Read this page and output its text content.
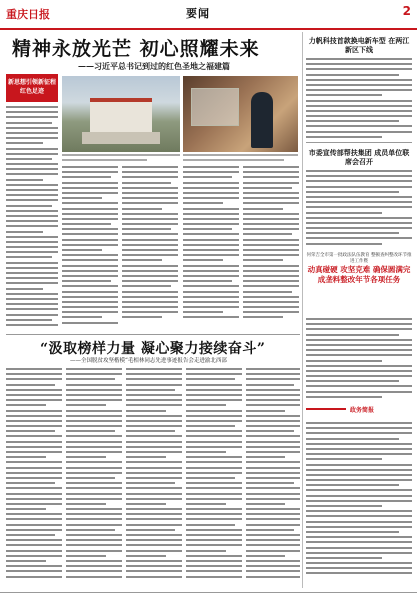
重庆日报	要闻	2
精神永放光芒 初心照耀未来
——习近平总书记到过的红色圣地之福建篇
新思想引领新征程 红色足迹
力帆科技首款换电新车型 在两江新区下线
市委宣传部帮扶集团 成员单位联席会召开
何荣吉全市第一批政法队伍教育 整顿查纠整改环节推进工作暨
动真碰硬 攻坚克难 确保圆满完成垄料整改年节各项任务
政务简报
“汲取榜样力量 凝心聚力接续奋斗”
——全国脱贫攻坚楷模“毛相林同志先进事迹报告会走进渝北西部
